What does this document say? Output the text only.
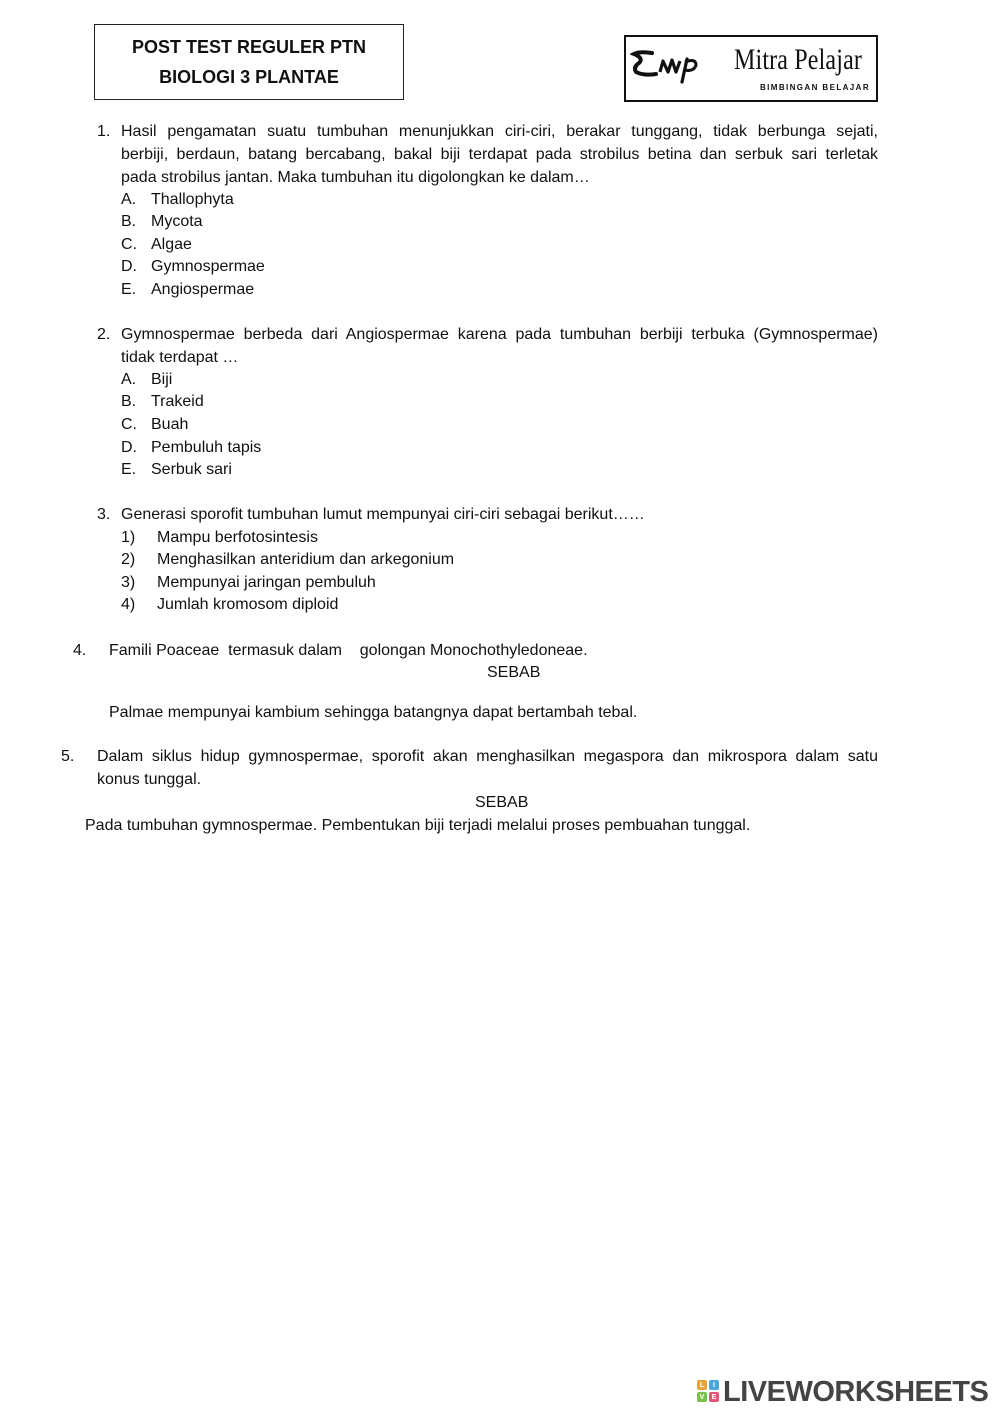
POST TEST REGULER PTN
BIOLOGI 3 PLANTAE
Mitra Pelajar
BIMBINGAN BELAJAR
1. Hasil pengamatan suatu tumbuhan menunjukkan ciri-ciri, berakar tunggang, tidak berbunga sejati,
berbiji, berdaun, batang bercabang, bakal biji terdapat pada strobilus betina dan serbuk sari terletak
pada strobilus jantan. Maka tumbuhan itu digolongkan ke dalam…
A. Thallophyta
B. Mycota
C. Algae
D. Gymnospermae
E. Angiospermae
2. Gymnospermae berbeda dari Angiospermae karena pada tumbuhan berbiji terbuka (Gymnospermae)
tidak terdapat …
A. Biji
B. Trakeid
C. Buah
D. Pembuluh tapis
E. Serbuk sari
3. Generasi sporofit tumbuhan lumut mempunyai ciri-ciri sebagai berikut……
1) Mampu berfotosintesis
2) Menghasilkan anteridium dan arkegonium
3) Mempunyai jaringan pembuluh
4) Jumlah kromosom diploid
4. Famili Poaceae  termasuk dalam    golongan Monochothyledoneae.
SEBAB
Palmae mempunyai kambium sehingga batangnya dapat bertambah tebal.
5. Dalam siklus hidup gymnospermae, sporofit akan menghasilkan megaspora dan mikrospora dalam satu
konus tunggal.
SEBAB
Pada tumbuhan gymnospermae. Pembentukan biji terjadi melalui proses pembuahan tunggal.
L	I
V	E LIVEWORKSHEETS
